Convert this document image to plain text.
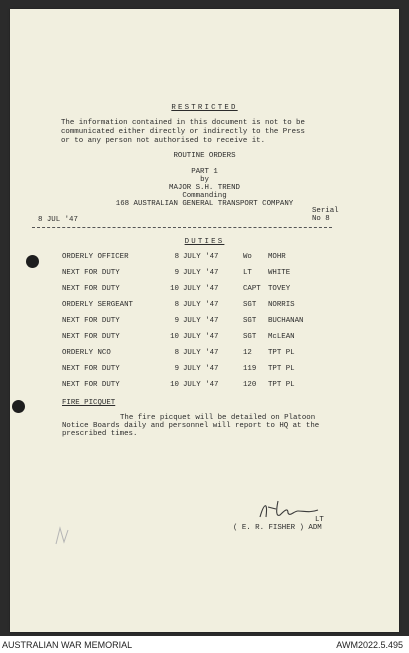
RESTRICTED
The information contained in this document is not to be
communicated either directly or indirectly to the Press
or to any person not authorised to receive it.
ROUTINE ORDERS
PART 1
by
MAJOR S.H. TREND
Commanding
168 AUSTRALIAN GENERAL TRANSPORT COMPANY
Serial
No 8
8 JUL '47
DUTIES
ORDERLY OFFICER	8 JULY '47	Wo MOHR
NEXT FOR DUTY	9 JULY '47	LT WHITE
NEXT FOR DUTY	10 JULY '47	CAPT TOVEY
ORDERLY SERGEANT	8 JULY '47	SGT NORRIS
NEXT FOR DUTY	9 JULY '47	SGT BUCHANAN
NEXT FOR DUTY	10 JULY '47	SGT McLEAN
ORDERLY NCO	8 JULY '47	12 TPT PL
NEXT FOR DUTY	9 JULY '47	119 TPT PL
NEXT FOR DUTY	10 JULY '47	120 TPT PL
FIRE PICQUET
The fire picquet will be detailed on Platoon
Notice Boards daily and personnel will report to HQ at the
prescribed times.
LT
( E. R. FISHER ) ADM
AUSTRALIAN WAR MEMORIAL	AWM2022.5.495
